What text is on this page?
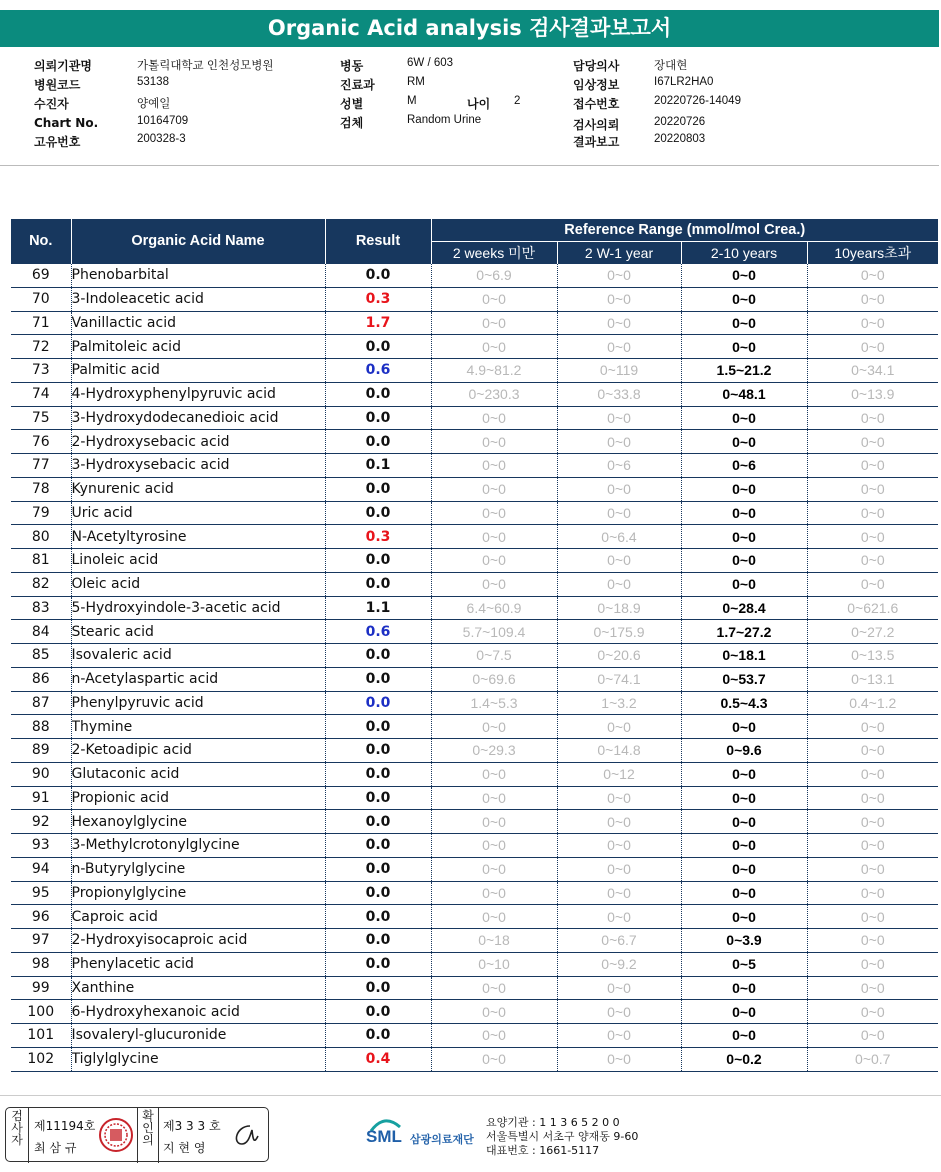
Organic Acid analysis 검사결과보고서
의뢰기관명	가톨릭대학교 인천성모병원
병원코드	53138
수진자	양예일
Chart No.	10164709
고유번호	200328-3
병동	6W / 603
진료과	RM
성별	M	나이 2
검체	Random Urine
담당의사	장대현
임상정보	I67LR2HA0
접수번호	20220726-14049
검사의뢰	20220726
결과보고	20220803
No.	Organic Acid Name	Result	Reference Range (mmol/mol Crea.)			
			2 weeks 미만	2 W-1 year	2-10 years	10years초과
69	Phenobarbital	0.0	0~6.9	0~0	0~0	0~0
70	3-Indoleacetic acid	0.3	0~0	0~0	0~0	0~0
71	Vanillactic acid	1.7	0~0	0~0	0~0	0~0
72	Palmitoleic acid	0.0	0~0	0~0	0~0	0~0
73	Palmitic acid	0.6	4.9~81.2	0~119	1.5~21.2	0~34.1
74	4-Hydroxyphenylpyruvic acid	0.0	0~230.3	0~33.8	0~48.1	0~13.9
75	3-Hydroxydodecanedioic acid	0.0	0~0	0~0	0~0	0~0
76	2-Hydroxysebacic acid	0.0	0~0	0~0	0~0	0~0
77	3-Hydroxysebacic acid	0.1	0~0	0~6	0~6	0~0
78	Kynurenic acid	0.0	0~0	0~0	0~0	0~0
79	Uric acid	0.0	0~0	0~0	0~0	0~0
80	N-Acetyltyrosine	0.3	0~0	0~6.4	0~0	0~0
81	Linoleic acid	0.0	0~0	0~0	0~0	0~0
82	Oleic acid	0.0	0~0	0~0	0~0	0~0
83	5-Hydroxyindole-3-acetic acid	1.1	6.4~60.9	0~18.9	0~28.4	0~621.6
84	Stearic acid	0.6	5.7~109.4	0~175.9	1.7~27.2	0~27.2
85	Isovaleric acid	0.0	0~7.5	0~20.6	0~18.1	0~13.5
86	n-Acetylaspartic acid	0.0	0~69.6	0~74.1	0~53.7	0~13.1
87	Phenylpyruvic acid	0.0	1.4~5.3	1~3.2	0.5~4.3	0.4~1.2
88	Thymine	0.0	0~0	0~0	0~0	0~0
89	2-Ketoadipic acid	0.0	0~29.3	0~14.8	0~9.6	0~0
90	Glutaconic acid	0.0	0~0	0~12	0~0	0~0
91	Propionic acid	0.0	0~0	0~0	0~0	0~0
92	Hexanoylglycine	0.0	0~0	0~0	0~0	0~0
93	3-Methylcrotonylglycine	0.0	0~0	0~0	0~0	0~0
94	n-Butyrylglycine	0.0	0~0	0~0	0~0	0~0
95	Propionylglycine	0.0	0~0	0~0	0~0	0~0
96	Caproic acid	0.0	0~0	0~0	0~0	0~0
97	2-Hydroxyisocaproic acid	0.0	0~18	0~6.7	0~3.9	0~0
98	Phenylacetic acid	0.0	0~10	0~9.2	0~5	0~0
99	Xanthine	0.0	0~0	0~0	0~0	0~0
100	6-Hydroxyhexanoic acid	0.0	0~0	0~0	0~0	0~0
101	Isovaleryl-glucuronide	0.0	0~0	0~0	0~0	0~0
102	Tiglylglycine	0.4	0~0	0~0	0~0.2	0~0.7
검
사
자
제11194호
최 삼 규
확
인
의
제3 3 3 호
지 현 영
SML 삼광의료재단
요양기관 : 1 1 3 6 5 2 0 0
서울특별시 서초구 양재동 9-60
대표번호 : 1661-5117
